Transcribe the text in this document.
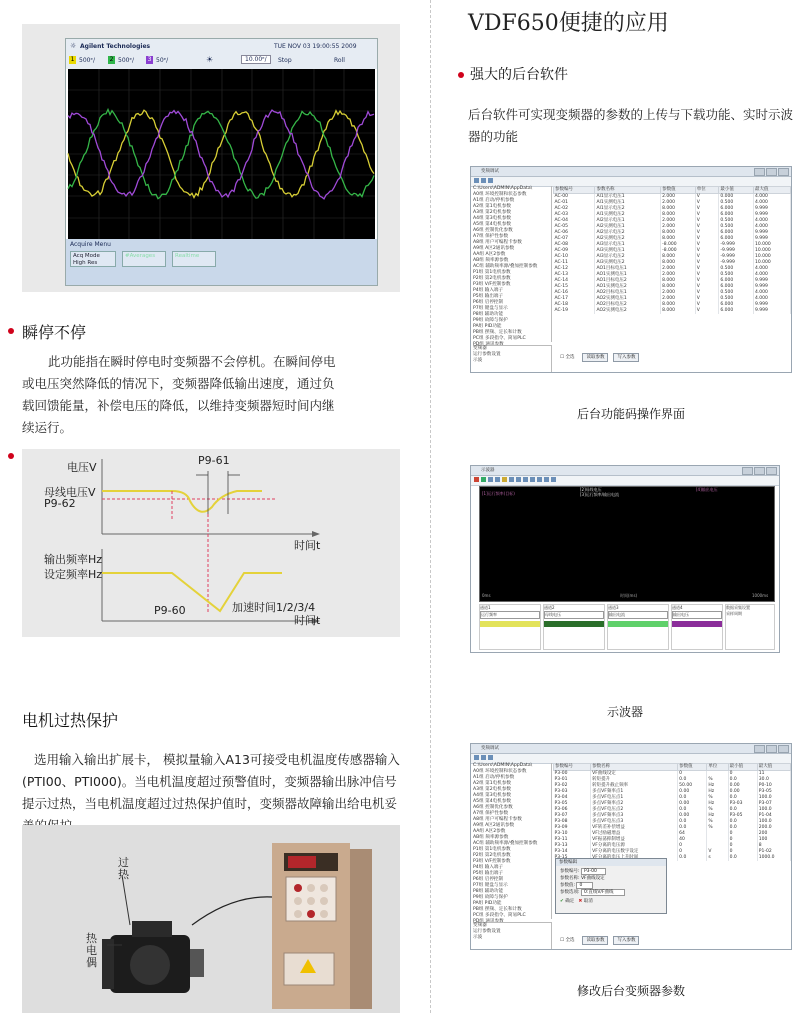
☼ Agilent Technologies	TUE NOV 03 19:00:55 2009
1 500ᵉ/ 2 500ᵉ/ 3 50ᵉ/	☀	10.00ᵉ/	Stop	Roll
Acquire Menu
Acq Mode
High Res
#Averages	Realtime
瞬停不停
此功能指在瞬时停电时变频器不会停机。在瞬间停电或电压突然降低的情况下，变频器降低输出速度，通过负载回馈能量，补偿电压的降低，以维持变频器短时间内继续运行。
电压V
母线电压V
P9-62
P9-61
时间t
输出频率Hz
设定频率Hz
P9-60	加速时间1/2/3/4
时间t
电机过热保护
选用输入输出扩展卡， 模拟量输入A13可接受电机温度传感器输入(PTI00、PTI000)。当电机温度超过预警值时，变频器输出脉冲信号提示过热，当电机温度超过过热保护值时，变频器故障输出给电机妥
过热
热电偶
VDF650便捷的应用
强大的后台软件
后台软件可实现变频器的参数的上传与下载功能、实时示波器的功能
变频调试
C:\Users\ADMIN\AppData\
A0组 环境控制和状态参数
A1组 启动/停机参数
A2组 第1电机参数
A3组 第2电机参数
A4组 第3电机参数
A5组 第4电机参数
A6组 控制优化参数
A7组 保护性参数
A8组 用户可编程卡参数
A9组 A区2通讯参数
AA组 A区2参数
AB组 频率源参数
AC组 辅助频率源/叠加控制参数
P1组 第1电机参数
P2组 第2电机参数
P3组 V/F控制参数
P4组 输入端子
P5组 输出端子
P6组 启停控制
P7组 键盘与显示
P8组 辅助功能
P9组 故障与保护
PA组 PID功能
PB组 摆频、定长和计数
PC组 多段指令、简易PLC
PD组 通讯参数
变频器
运行参数设置
示波
参数编号	参数名称	参数值	单位	最小值	最大值
AC-00	AI1显示电压1	2.000	V	0.000	4.000
AC-01	AI1实测电压1	2.000	V	0.500	4.000
AC-02	AI1显示电压2	8.000	V	6.000	9.999
AC-03	AI1实测电压2	8.000	V	6.000	9.999
AC-04	AI2显示电压1	2.000	V	0.500	4.000
AC-05	AI2实测电压1	2.000	V	0.500	4.000
AC-06	AI2显示电压2	8.000	V	6.000	9.999
AC-07	AI2实测电压2	8.000	V	6.000	9.999
AC-08	AI3显示电压1	-8.000	V	-9.999	10.000
AC-09	AI3实测电压1	-8.000	V	-9.999	10.000
AC-10	AI3显示电压2	8.000	V	-9.999	10.000
AC-11	AI3实测电压2	8.000	V	-9.999	10.000
AC-12	AO1目标电压1	2.000	V	0.500	4.000
AC-13	AO1实测电压1	2.000	V	0.500	4.000
AC-14	AO1目标电压2	8.000	V	6.000	9.999
AC-15	AO1实测电压2	8.000	V	6.000	9.999
AC-16	AO2目标电压1	2.000	V	0.500	4.000
AC-17	AO2实测电压1	2.000	V	0.500	4.000
AC-18	AO2目标电压2	8.000	V	6.000	9.999
AC-19	AO2实测电压2	8.000	V	6.000	9.999
☐ 全选	读取参数	写入参数
后台功能码操作界面
示波器
[1]运行频率(目标)
[2]母线电压
[3]运行频率/输出电流
[4]输出电压
0ms	时间(ms)	1000ms
通道1
运行频率
通道2
母线电压
通道3
输出电流
通道4
输出电压
数据采集设置
采样周期
示波器
变频调试
C:\Users\ADMIN\AppData\
A0组 环境控制和状态参数
A1组 启动/停机参数
A2组 第1电机参数
A3组 第2电机参数
A4组 第3电机参数
A5组 第4电机参数
A6组 控制优化参数
A7组 保护性参数
A8组 用户可编程卡参数
A9组 A区2通讯参数
AA组 A区2参数
AB组 频率源参数
AC组 辅助频率源/叠加控制参数
P1组 第1电机参数
P2组 第2电机参数
P3组 V/F控制参数
P4组 输入端子
P5组 输出端子
P6组 启停控制
P7组 键盘与显示
P8组 辅助功能
P9组 故障与保护
PA组 PID功能
PB组 摆频、定长和计数
PC组 多段指令、简易PLC
PD组 通讯参数
变频器
运行参数设置
示波
参数编号	参数名称	参数值	单位	最小值	最大值
P3-00	VF曲线设定	0		0	11
P3-01	转矩提升	0.0	%	0.0	30.0
P3-02	转矩提升截止频率	50.00	Hz	0.00	P0-10
P3-03	多点VF频率点1	0.00	Hz	0.00	P3-05
P3-04	多点VF电压点1	0.0	%	0.0	100.0
P3-05	多点VF频率点2	0.00	Hz	P3-03	P3-07
P3-06	多点VF电压点2	0.0	%	0.0	100.0
P3-07	多点VF频率点3	0.00	Hz	P3-05	P1-04
P3-08	多点VF电压点3	0.0	%	0.0	100.0
P3-09	VF转差补偿增益	0.0	%	0.0	200.0
P3-10	VF过励磁增益	64		0	200
P3-11	VF振荡抑制增益	40		0	100
P3-13	VF分离的电压源	0		0	8
P3-14	VF分离的电压数字设定	0	V	0	P1-02
		0.0	s	0.0	1000.0
参数编辑
参数编号: P3-00
参数名称: VF曲线设定
参数值: 0
参数选项: 0:直线V/F曲线
✔ 确定 ✖ 取消
☐ 全选	读取参数	写入参数
修改后台变频器参数
